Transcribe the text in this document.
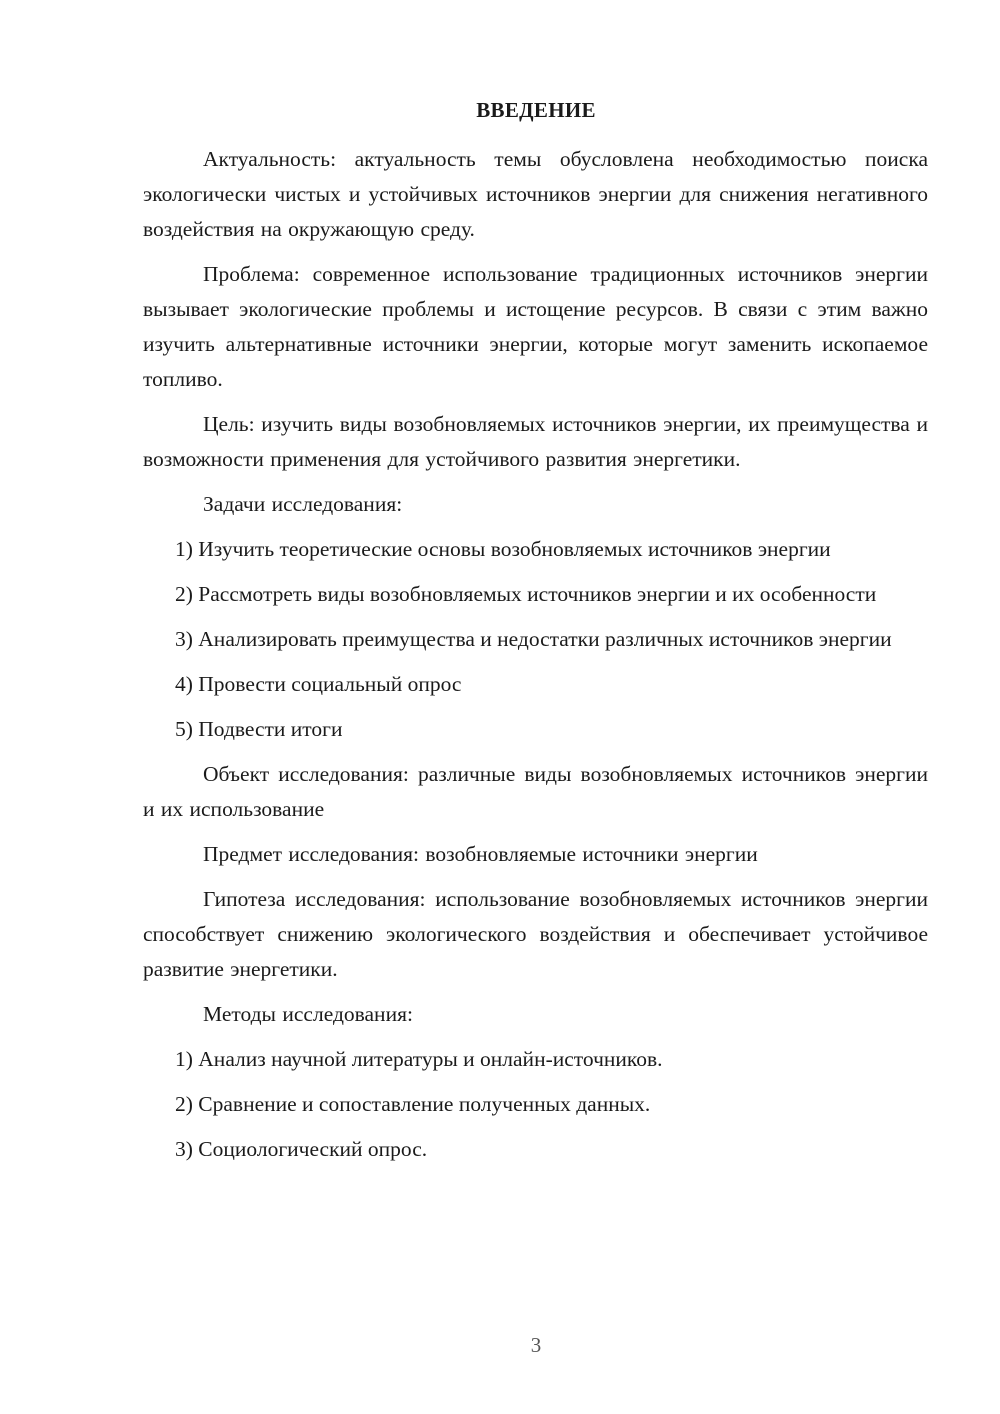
ВВЕДЕНИЕ

Актуальность: актуальность темы обусловлена необходимостью поиска экологически чистых и устойчивых источников энергии для снижения негативного воздействия на окружающую среду.

Проблема: современное использование традиционных источников энергии вызывает экологические проблемы и истощение ресурсов. В связи с этим важно изучить альтернативные источники энергии, которые могут заменить ископаемое топливо.

Цель: изучить виды возобновляемых источников энергии, их преимущества и возможности применения для устойчивого развития энергетики.

Задачи исследования:

1) Изучить теоретические основы возобновляемых источников энергии

2) Рассмотреть виды возобновляемых источников энергии и их особенности

3) Анализировать преимущества и недостатки различных источников энергии

4) Провести социальный опрос

5) Подвести итоги

Объект исследования: различные виды возобновляемых источников энергии и их использование

Предмет исследования: возобновляемые источники энергии

Гипотеза исследования: использование возобновляемых источников энергии способствует снижению экологического воздействия и обеспечивает устойчивое развитие энергетики.

Методы исследования:

1) Анализ научной литературы и онлайн-источников.

2) Сравнение и сопоставление полученных данных.

3) Социологический опрос.

3
